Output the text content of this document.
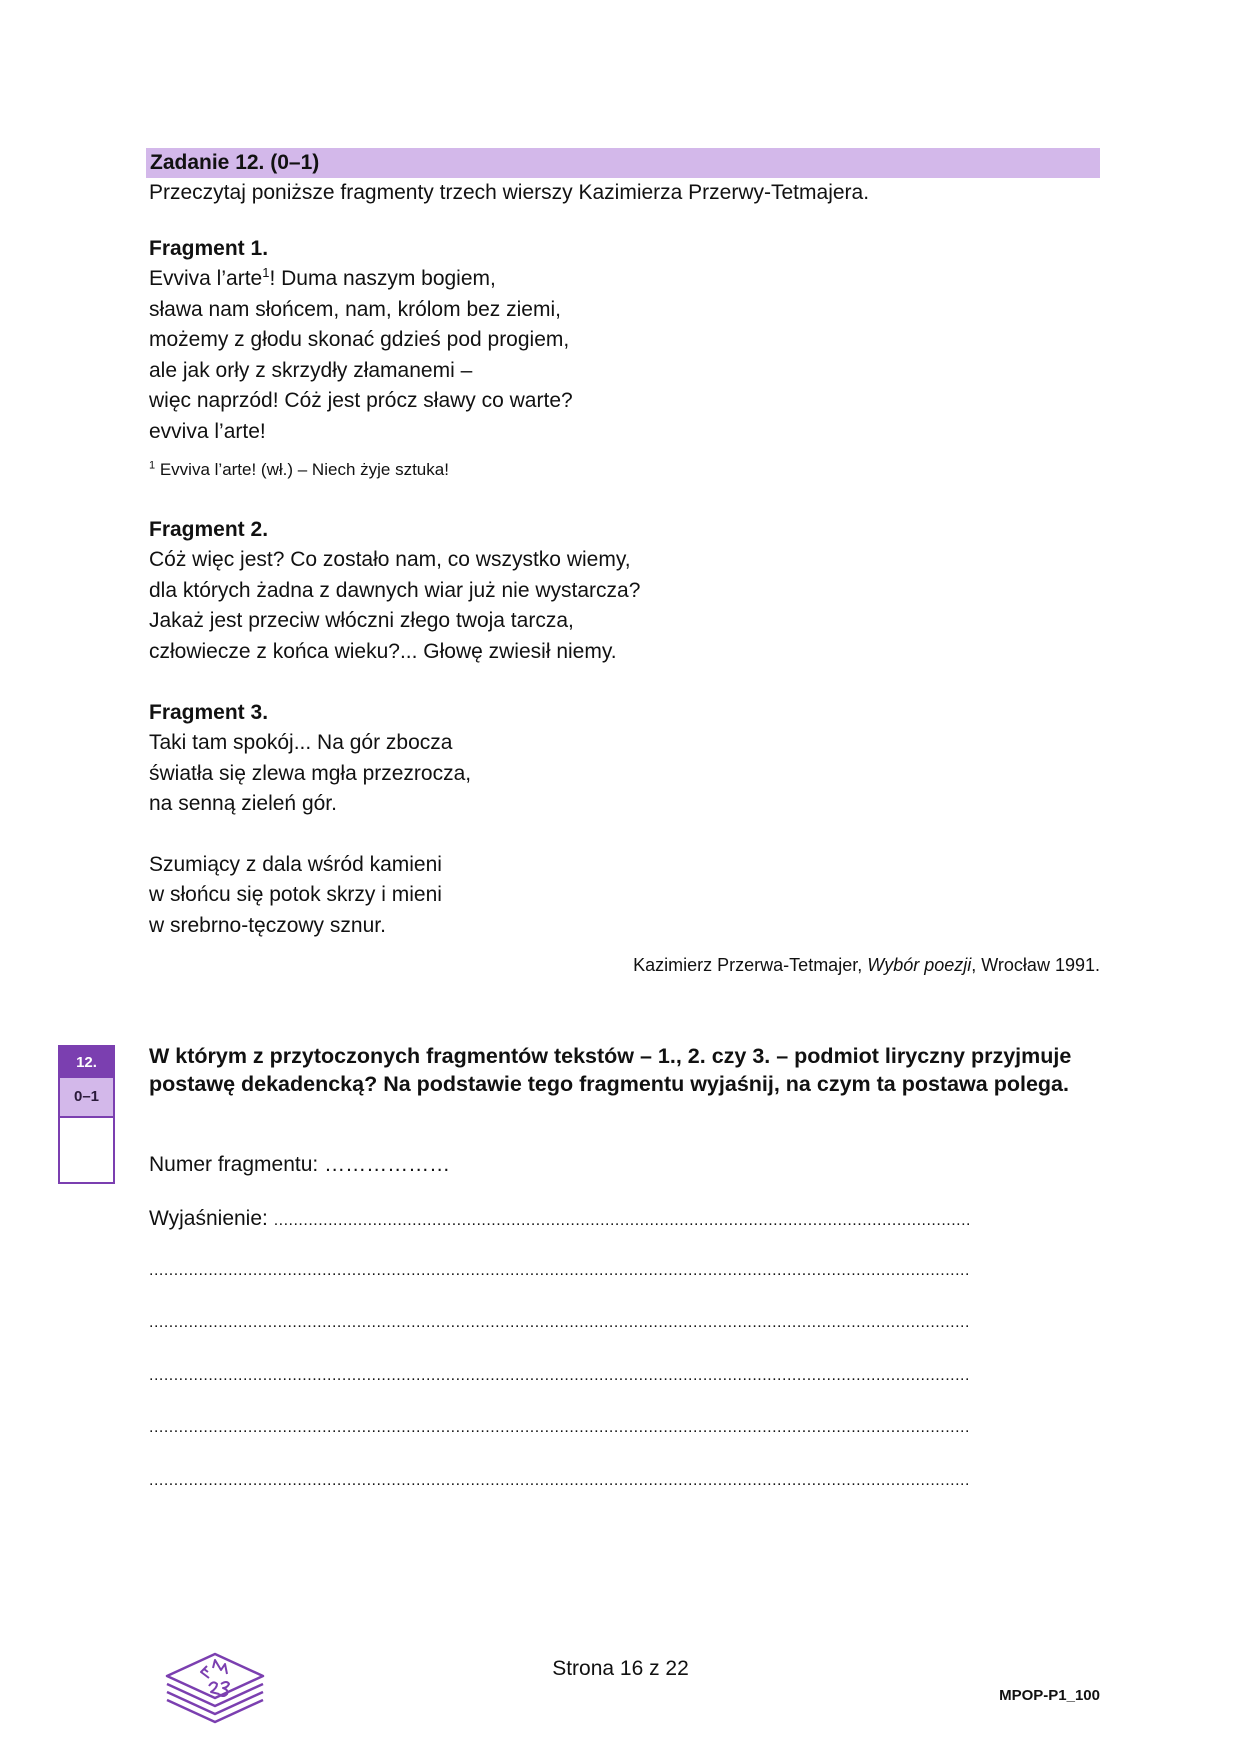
Zadanie 12. (0–1)
Przeczytaj poniższe fragmenty trzech wierszy Kazimierza Przerwy-Tetmajera.
Fragment 1.
Evviva l’arte$^1$! Duma naszym bogiem,
sława nam słońcem, nam, królom bez ziemi,
możemy z głodu skonać gdzieś pod progiem,
ale jak orły z skrzydły złamanemi –
więc naprzód! Cóż jest prócz sławy co warte?
evviva l’arte!
$^1$ Evviva l’arte! (wł.) – Niech żyje sztuka!
Fragment 2.
Cóż więc jest? Co zostało nam, co wszystko wiemy,
dla których żadna z dawnych wiar już nie wystarcza?
Jakaż jest przeciw włóczni złego twoja tarcza,
człowiecze z końca wieku?... Głowę zwiesił niemy.
Fragment 3.
Taki tam spokój... Na gór zbocza
światła się zlewa mgła przezrocza,
na senną zieleń gór.
Szumiący z dala wśród kamieni
w słońcu się potok skrzy i mieni
w srebrno-tęczowy sznur.
Kazimierz Przerwa-Tetmajer, Wybór poezji, Wrocław 1991.
12.
0–1
W którym z przytoczonych fragmentów tekstów – 1., 2. czy 3. – podmiot liryczny przyjmuje postawę dekadencką? Na podstawie tego fragmentu wyjaśnij, na czym ta postawa polega.
Numer fragmentu: ………………
Wyjaśnienie: .............................................................................................................................................
......................................................................................................................................................................
......................................................................................................................................................................
......................................................................................................................................................................
......................................................................................................................................................................
......................................................................................................................................................................
Strona 16 z 22
MPOP-P1_100
